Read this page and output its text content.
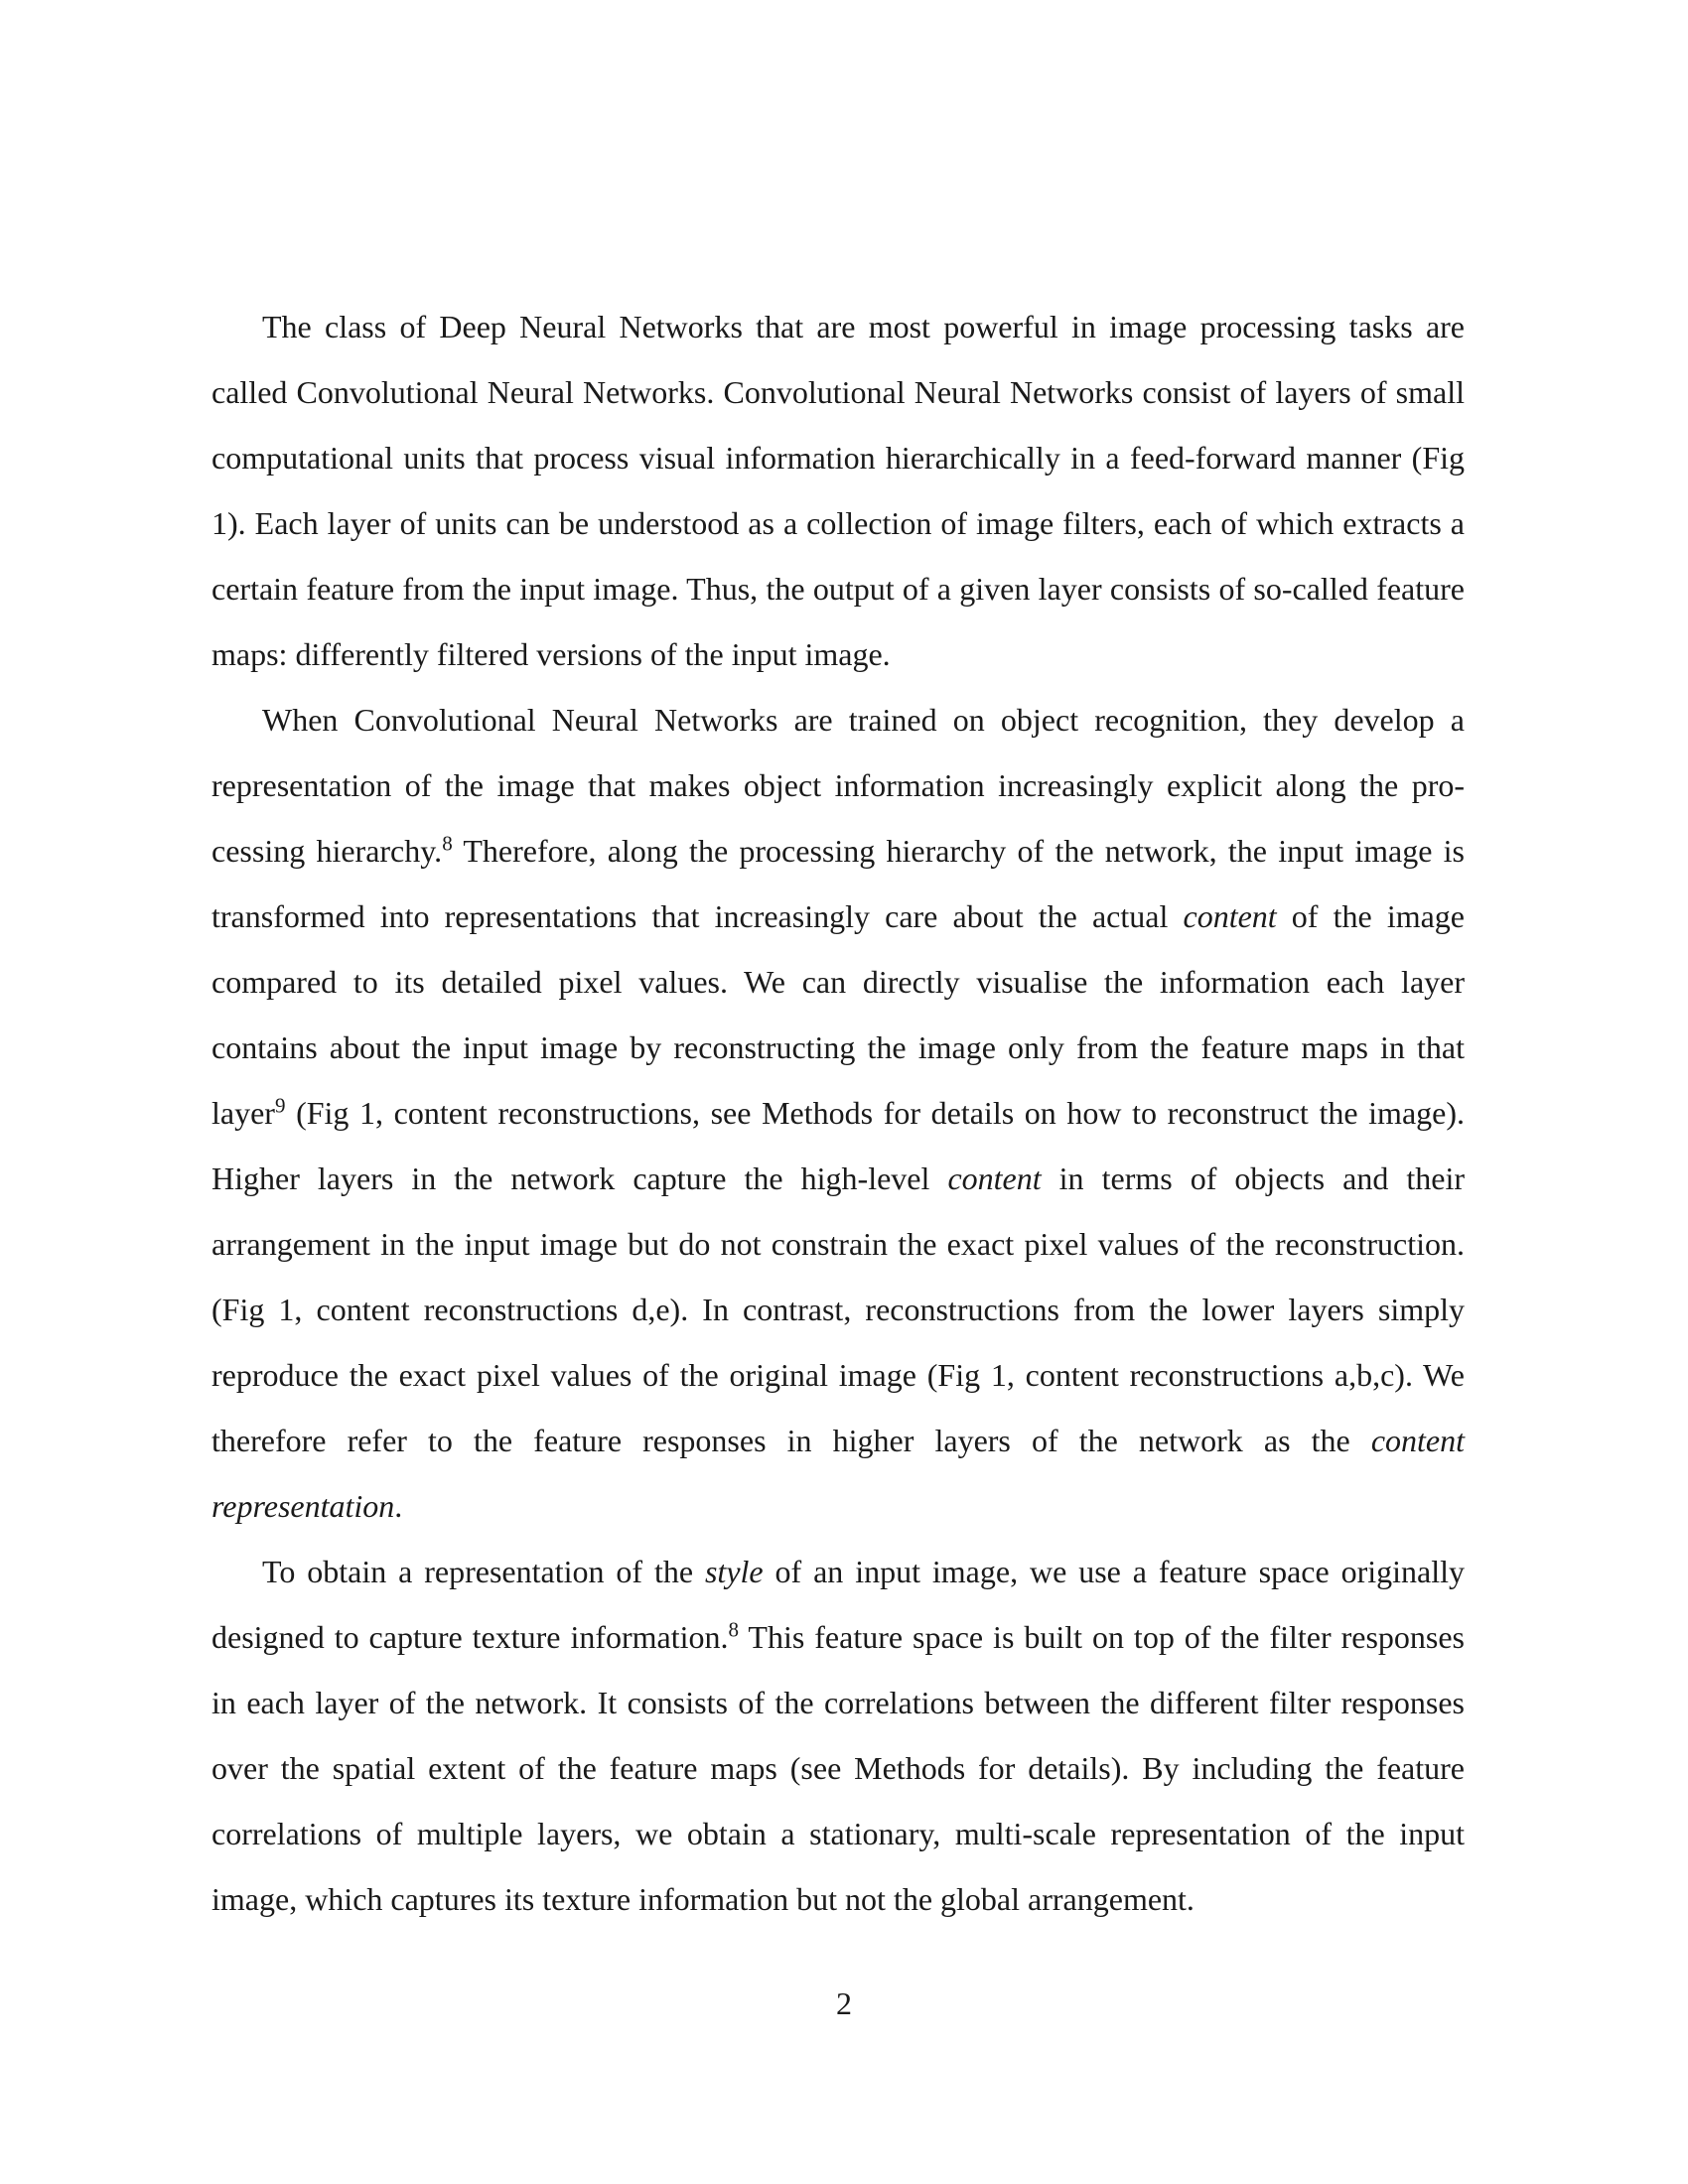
The class of Deep Neural Networks that are most powerful in image processing tasks are called Convolutional Neural Networks. Convolutional Neural Networks consist of layers of small computational units that process visual information hierarchically in a feed-forward manner (Fig 1). Each layer of units can be understood as a collection of image filters, each of which extracts a certain feature from the input image. Thus, the output of a given layer consists of so-called feature maps: differently filtered versions of the input image.

When Convolutional Neural Networks are trained on object recognition, they develop a representation of the image that makes object information increasingly explicit along the processing hierarchy.$^8$ Therefore, along the processing hierarchy of the network, the input image is transformed into representations that increasingly care about the actual content of the image compared to its detailed pixel values. We can directly visualise the information each layer contains about the input image by reconstructing the image only from the feature maps in that layer$^9$ (Fig 1, content reconstructions, see Methods for details on how to reconstruct the image). Higher layers in the network capture the high-level content in terms of objects and their arrangement in the input image but do not constrain the exact pixel values of the reconstruction. (Fig 1, content reconstructions d,e). In contrast, reconstructions from the lower layers simply reproduce the exact pixel values of the original image (Fig 1, content reconstructions a,b,c). We therefore refer to the feature responses in higher layers of the network as the content representation.

To obtain a representation of the style of an input image, we use a feature space originally designed to capture texture information.$^8$ This feature space is built on top of the filter responses in each layer of the network. It consists of the correlations between the different filter responses over the spatial extent of the feature maps (see Methods for details). By including the feature correlations of multiple layers, we obtain a stationary, multi-scale representation of the input image, which captures its texture information but not the global arrangement.

2
